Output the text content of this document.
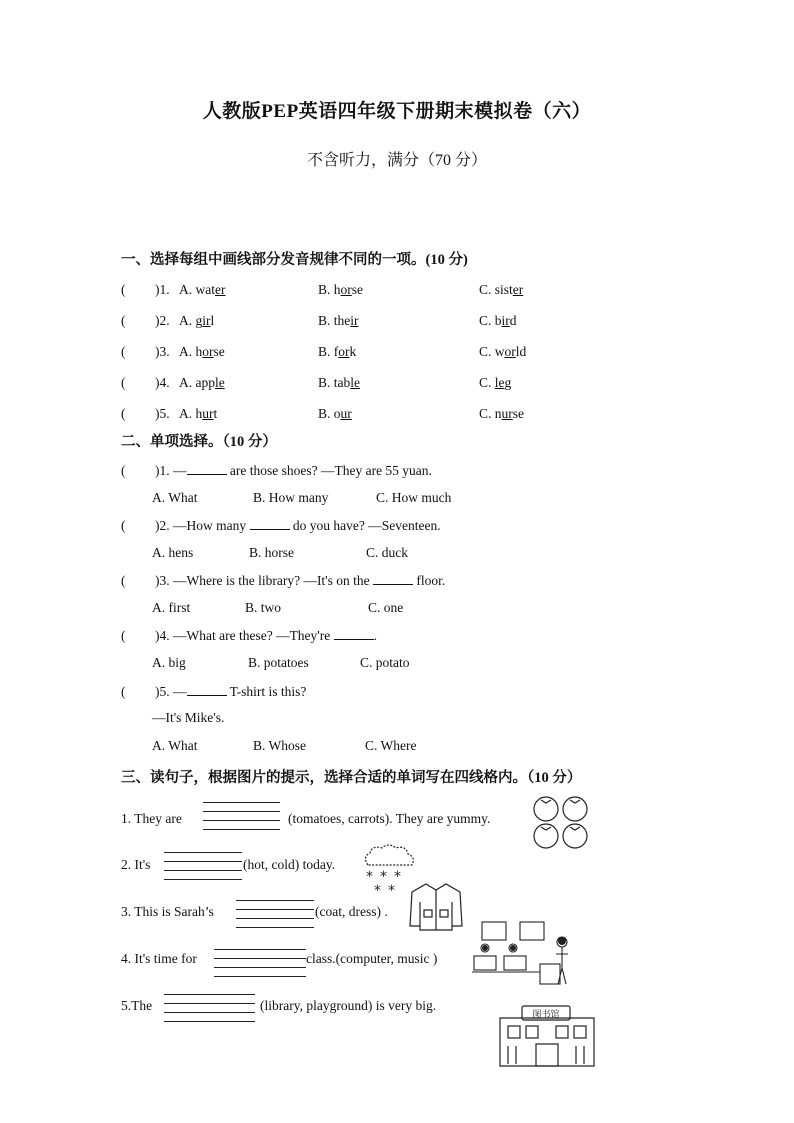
人教版PEP英语四年级下册期末模拟卷（六）
不含听力，满分（70 分）
一、选择每组中画线部分发音规律不同的一项。(10 分)
( )1. A. water	B. horse	C. sister
( )2. A. girl	B. their	C. bird
( )3. A. horse	B. fork	C. world
( )4. A. apple	B. table	C. leg
( )5. A. hurt	B. our	C. nurse
二、单项选择。（10 分）
( )1. —	are those shoes? —They are 55 yuan.
A. What	B. How many	C. How much
( )2. —How many	do you have? —Seventeen.
A. hens	B. horse	C. duck
( )3. —Where is the library? —It's on the	floor.
A. first	B. two	C. one
( )4. —What are these? —They're	.
A. big	B. potatoes	C. potato
( )5. —	T-shirt is this?
—It's Mike's.
A. What	B. Whose	C. Where
三、读句子，根据图片的提示，选择合适的单词写在四线格内。（10 分）
1. They are	(tomatoes, carrots). They are yummy.
2. It's	(hot, cold) today.
* * *
* *
3. This is Sarah’s	(coat, dress) .
4. It's time for	class.(computer, music )
5.The	(library, playground) is very big.
图书馆
